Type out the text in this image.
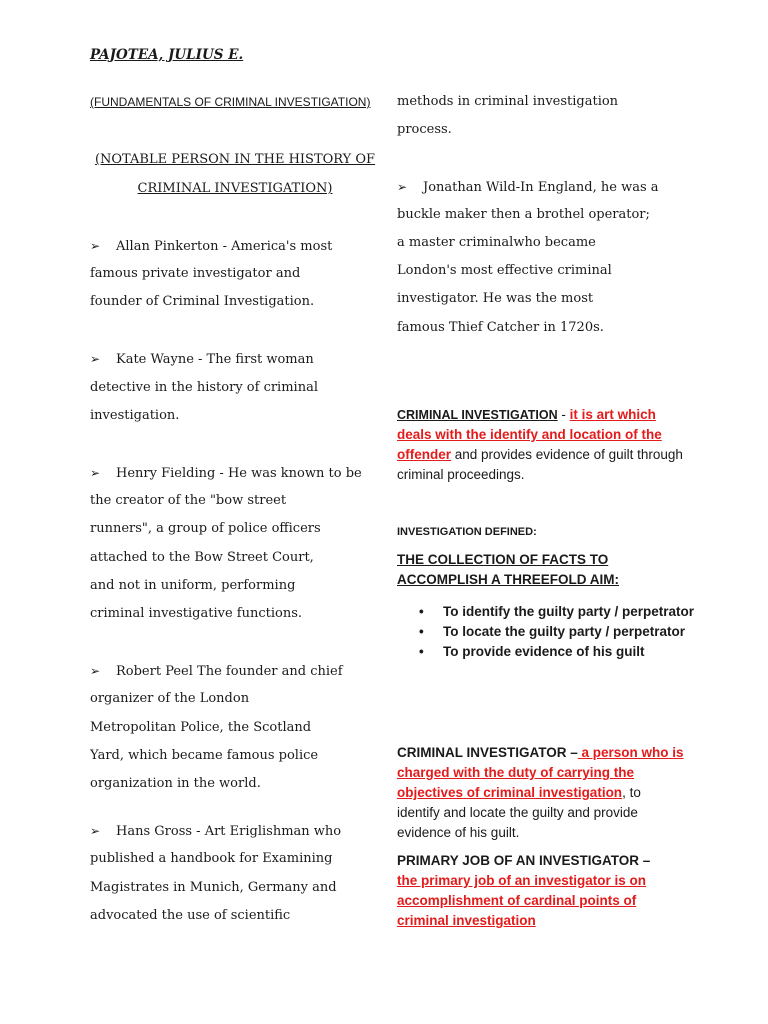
PAJOTEA, JULIUS E.
(FUNDAMENTALS OF CRIMINAL INVESTIGATION)
(NOTABLE PERSON IN THE HISTORY OF
CRIMINAL INVESTIGATION)
➢ Allan Pinkerton - America's most
famous private investigator and
founder of Criminal Investigation.
➢ Kate Wayne - The first woman
detective in the history of criminal
investigation.
➢ Henry Fielding - He was known to be
the creator of the "bow street
runners", a group of police officers
attached to the Bow Street Court,
and not in uniform, performing
criminal investigative functions.
➢ Robert Peel The founder and chief
organizer of the London
Metropolitan Police, the Scotland
Yard, which became famous police
organization in the world.
➢ Hans Gross - Art Eriglishman who
published a handbook for Examining
Magistrates in Munich, Germany and
advocated the use of scientific
methods in criminal investigation
process.
➢ Jonathan Wild-In England, he was a
buckle maker then a brothel operator;
a master criminalwho became
London's most effective criminal
investigator. He was the most
famous Thief Catcher in 1720s.
CRIMINAL INVESTIGATION - it is art which deals with the identify and location of the offender and provides evidence of guilt through criminal proceedings.
INVESTIGATION DEFINED:
THE COLLECTION OF FACTS TO
ACCOMPLISH A THREEFOLD AIM:
• To identify the guilty party / perpetrator
• To locate the guilty party / perpetrator
• To provide evidence of his guilt
CRIMINAL INVESTIGATOR – a person who is charged with the duty of carrying the objectives of criminal investigation, to identify and locate the guilty and provide evidence of his guilt.
PRIMARY JOB OF AN INVESTIGATOR –
the primary job of an investigator is on accomplishment of cardinal points of criminal investigation
